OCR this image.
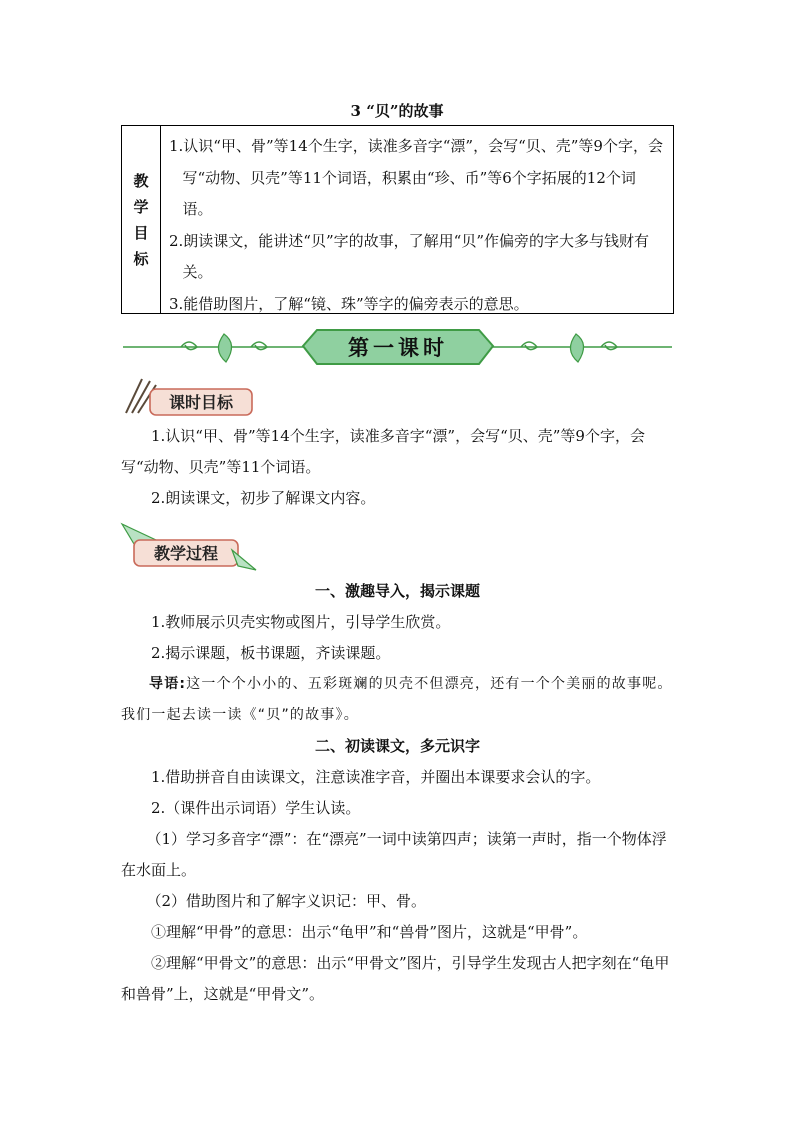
3 “贝”的故事
教
学
目
标

1.认识“甲、骨”等14个生字，读准多音字“漂”，会写“贝、壳”等9个字，会写“动物、贝壳”等11个词语，积累由“珍、币”等6个字拓展的12个词语。

2.朗读课文，能讲述“贝”字的故事，了解用“贝”作偏旁的字大多与钱财有关。

3.能借助图片，了解“镜、珠”等字的偏旁表示的意思。

第一课时
课时目标
1.认识“甲、骨”等14个生字，读准多音字“漂”，会写“贝、壳”等9个字，会写“动物、贝壳”等11个词语。
2.朗读课文，初步了解课文内容。
教学过程
一、激趣导入，揭示课题
1.教师展示贝壳实物或图片，引导学生欣赏。
2.揭示课题，板书课题，齐读课题。
导语:这一个个小小的、五彩斑斓的贝壳不但漂亮，还有一个个美丽的故事呢。我们一起去读一读《“贝”的故事》。
二、初读课文，多元识字
1.借助拼音自由读课文，注意读准字音，并圈出本课要求会认的字。
2.（课件出示词语）学生认读。
（1）学习多音字“漂”：在“漂亮”一词中读第四声；读第一声时，指一个物体浮在水面上。
（2）借助图片和了解字义识记：甲、骨。
①理解“甲骨”的意思：出示“龟甲”和“兽骨”图片，这就是“甲骨”。
②理解“甲骨文”的意思：出示“甲骨文”图片，引导学生发现古人把字刻在“龟甲和兽骨”上，这就是“甲骨文”。
